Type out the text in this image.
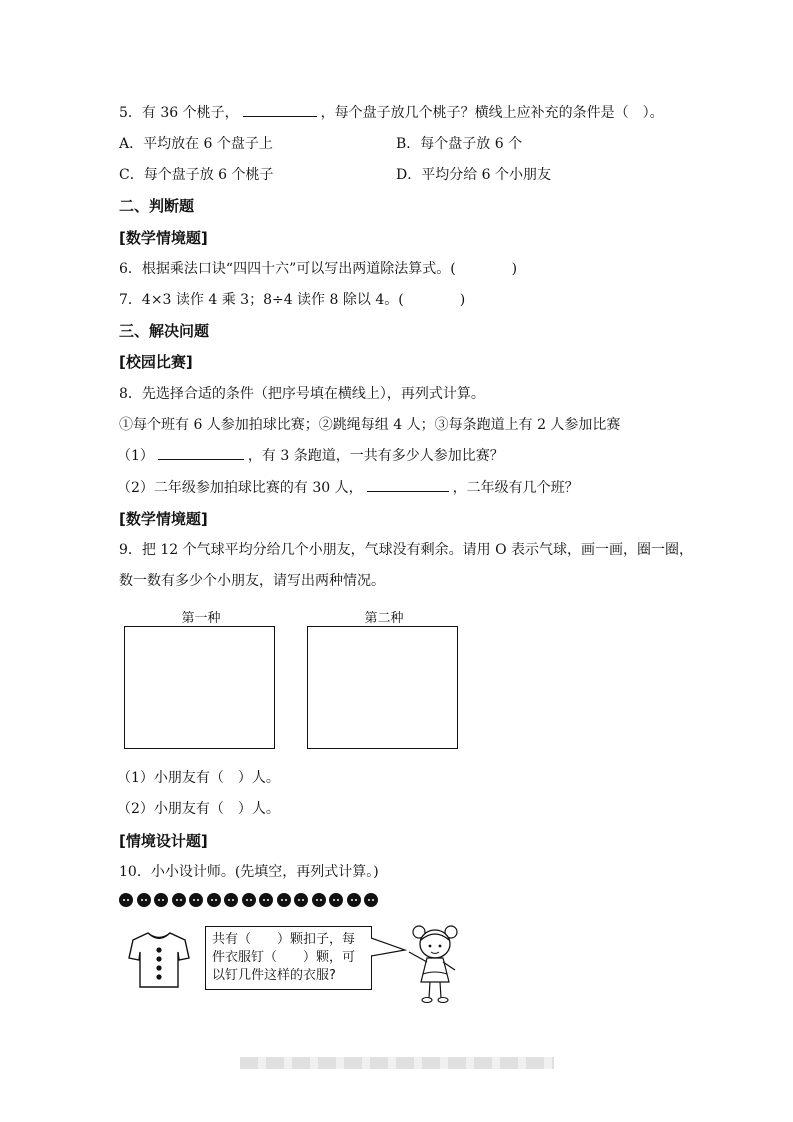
5．有 36 个桃子，	，每个盘子放几个桃子？横线上应补充的条件是（　）。
A．平均放在 6 个盘子上	B．每个盘子放 6 个
C．每个盘子放 6 个桃子	D．平均分给 6 个小朋友
二、判断题
[数学情境题]
6．根据乘法口诀“四四十六”可以写出两道除法算式。(　　　　)
7．4×3 读作 4 乘 3；8÷4 读作 8 除以 4。(　　　　)
三、解决问题
[校园比赛]
8．先选择合适的条件（把序号填在横线上），再列式计算。
①每个班有 6 人参加拍球比赛；②跳绳每组 4 人；③每条跑道上有 2 人参加比赛
（1）	，有 3 条跑道，一共有多少人参加比赛？
（2）二年级参加拍球比赛的有 30 人，	，二年级有几个班？
[数学情境题]
9．把 12 个气球平均分给几个小朋友，气球没有剩余。请用 O 表示气球，画一画，圈一圈，
数一数有多少个小朋友，请写出两种情况。
第一种	第二种
（1）小朋友有（　）人。
（2）小朋友有（　）人。
[情境设计题]
10．小小设计师。(先填空，再列式计算。)
共有（　　）颗扣子，每
件衣服钉（　　）颗，可
以钉几件这样的衣服?
